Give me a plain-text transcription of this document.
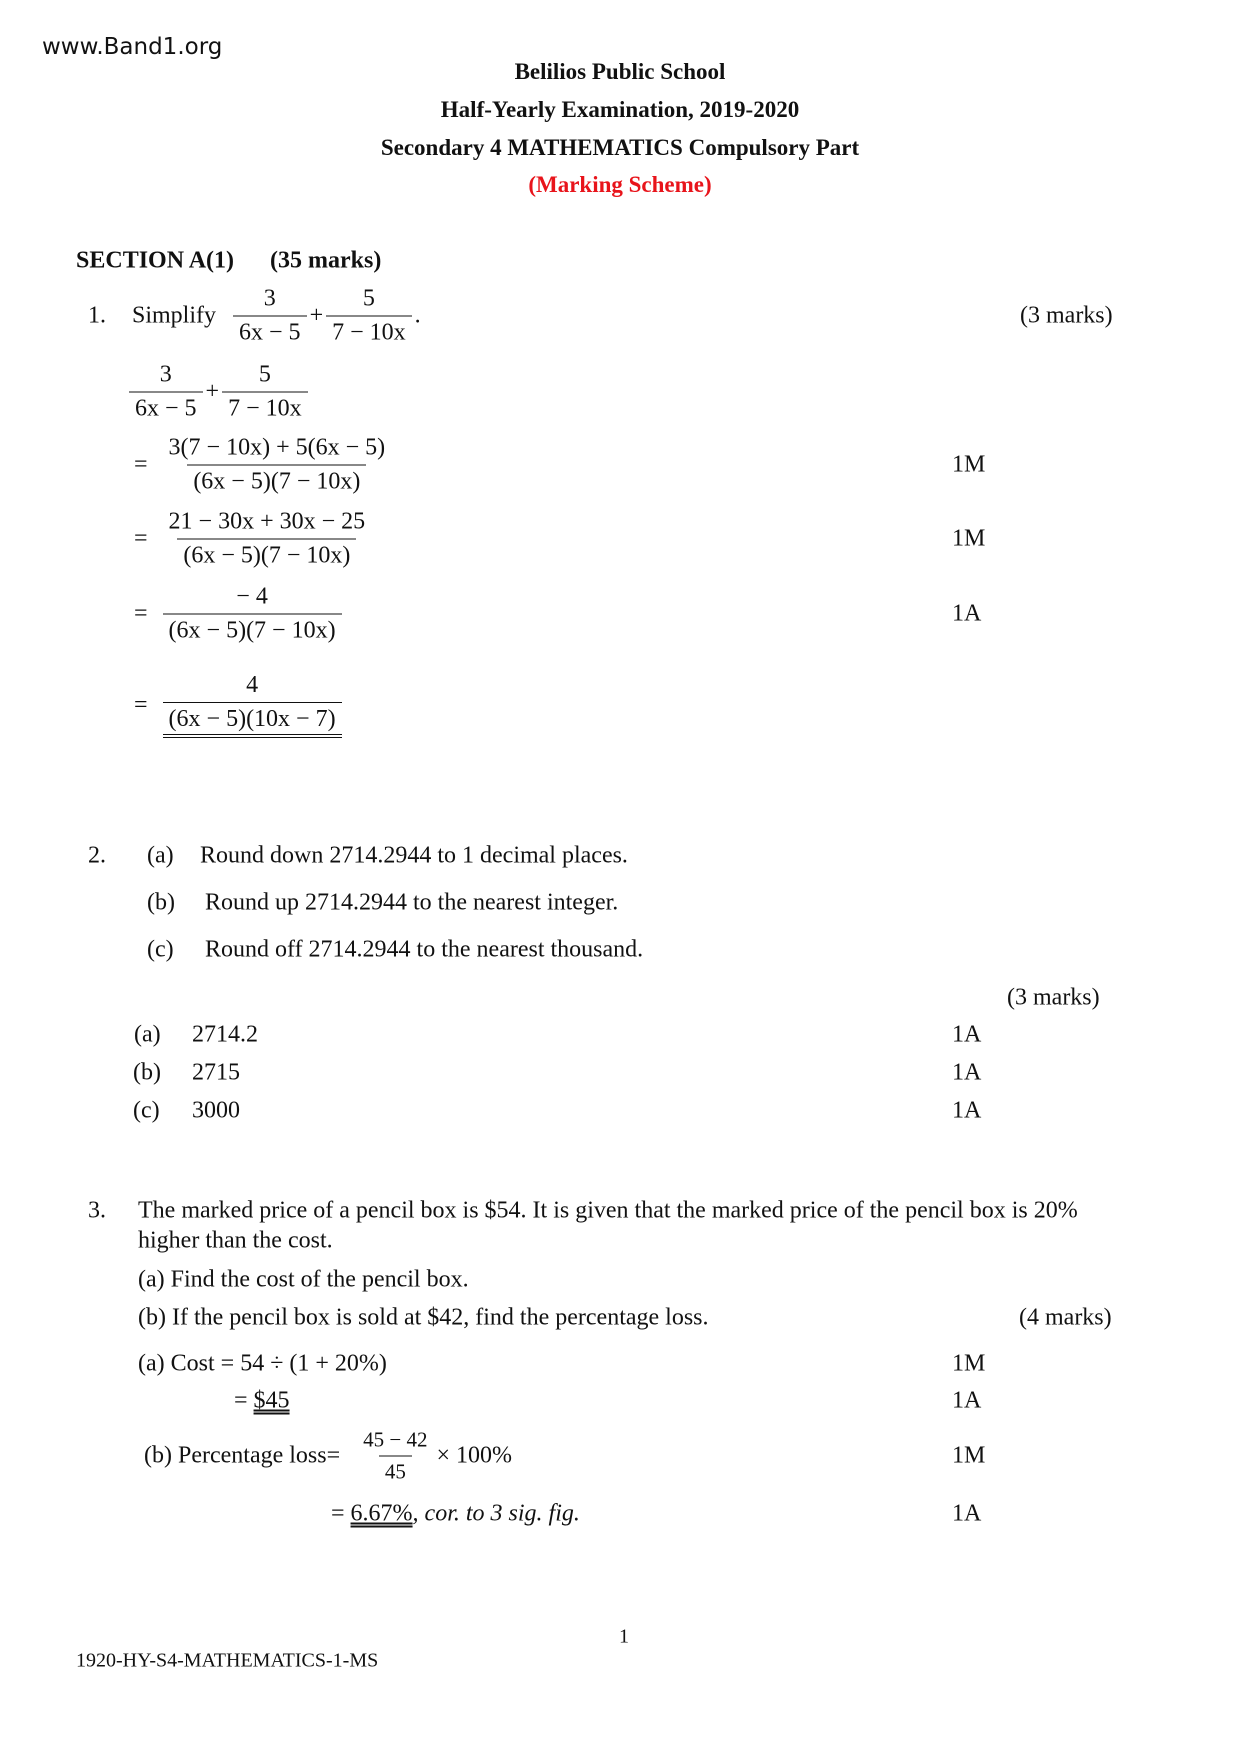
www.Band1.org
Belilios Public School
Half-Yearly Examination, 2019-2020
Secondary 4 MATHEMATICS Compulsory Part
(Marking Scheme)
SECTION A(1) (35 marks)
1. Simplify $\frac{3}{6x - 5} + \frac{5}{7 - 10x}$ .	(3 marks)
$\frac{3}{6x - 5} + \frac{5}{7 - 10x}$
= $\frac{3(7 - 10x) + 5(6x - 5)}{(6x - 5)(7 - 10x)}$	1M
= $\frac{21 - 30x + 30x - 25}{(6x - 5)(7 - 10x)}$	1M
= $\frac{- 4}{(6x - 5)(7 - 10x)}$	1A
= $\frac{4}{(6x - 5)(10x - 7)}$
2. (a) Round down 2714.2944 to 1 decimal places.
(b) Round up 2714.2944 to the nearest integer.
(c) Round off 2714.2944 to the nearest thousand.
(3 marks)
(a) 2714.2	1A
(b) 2715	1A
(c) 3000	1A
3. The marked price of a pencil box is $54. It is given that the marked price of the pencil box is 20%
higher than the cost.
(a) Find the cost of the pencil box.
(b) If the pencil box is sold at $42, find the percentage loss.	(4 marks)
(a) Cost = 54 ÷ (1 + 20%)	1M
= $45	1A
(b) Percentage loss= $\frac{45 - 42}{45} \times 100\%$	1M
= 6.67%, cor. to 3 sig. fig.	1A
1
1920-HY-S4-MATHEMATICS-1-MS
